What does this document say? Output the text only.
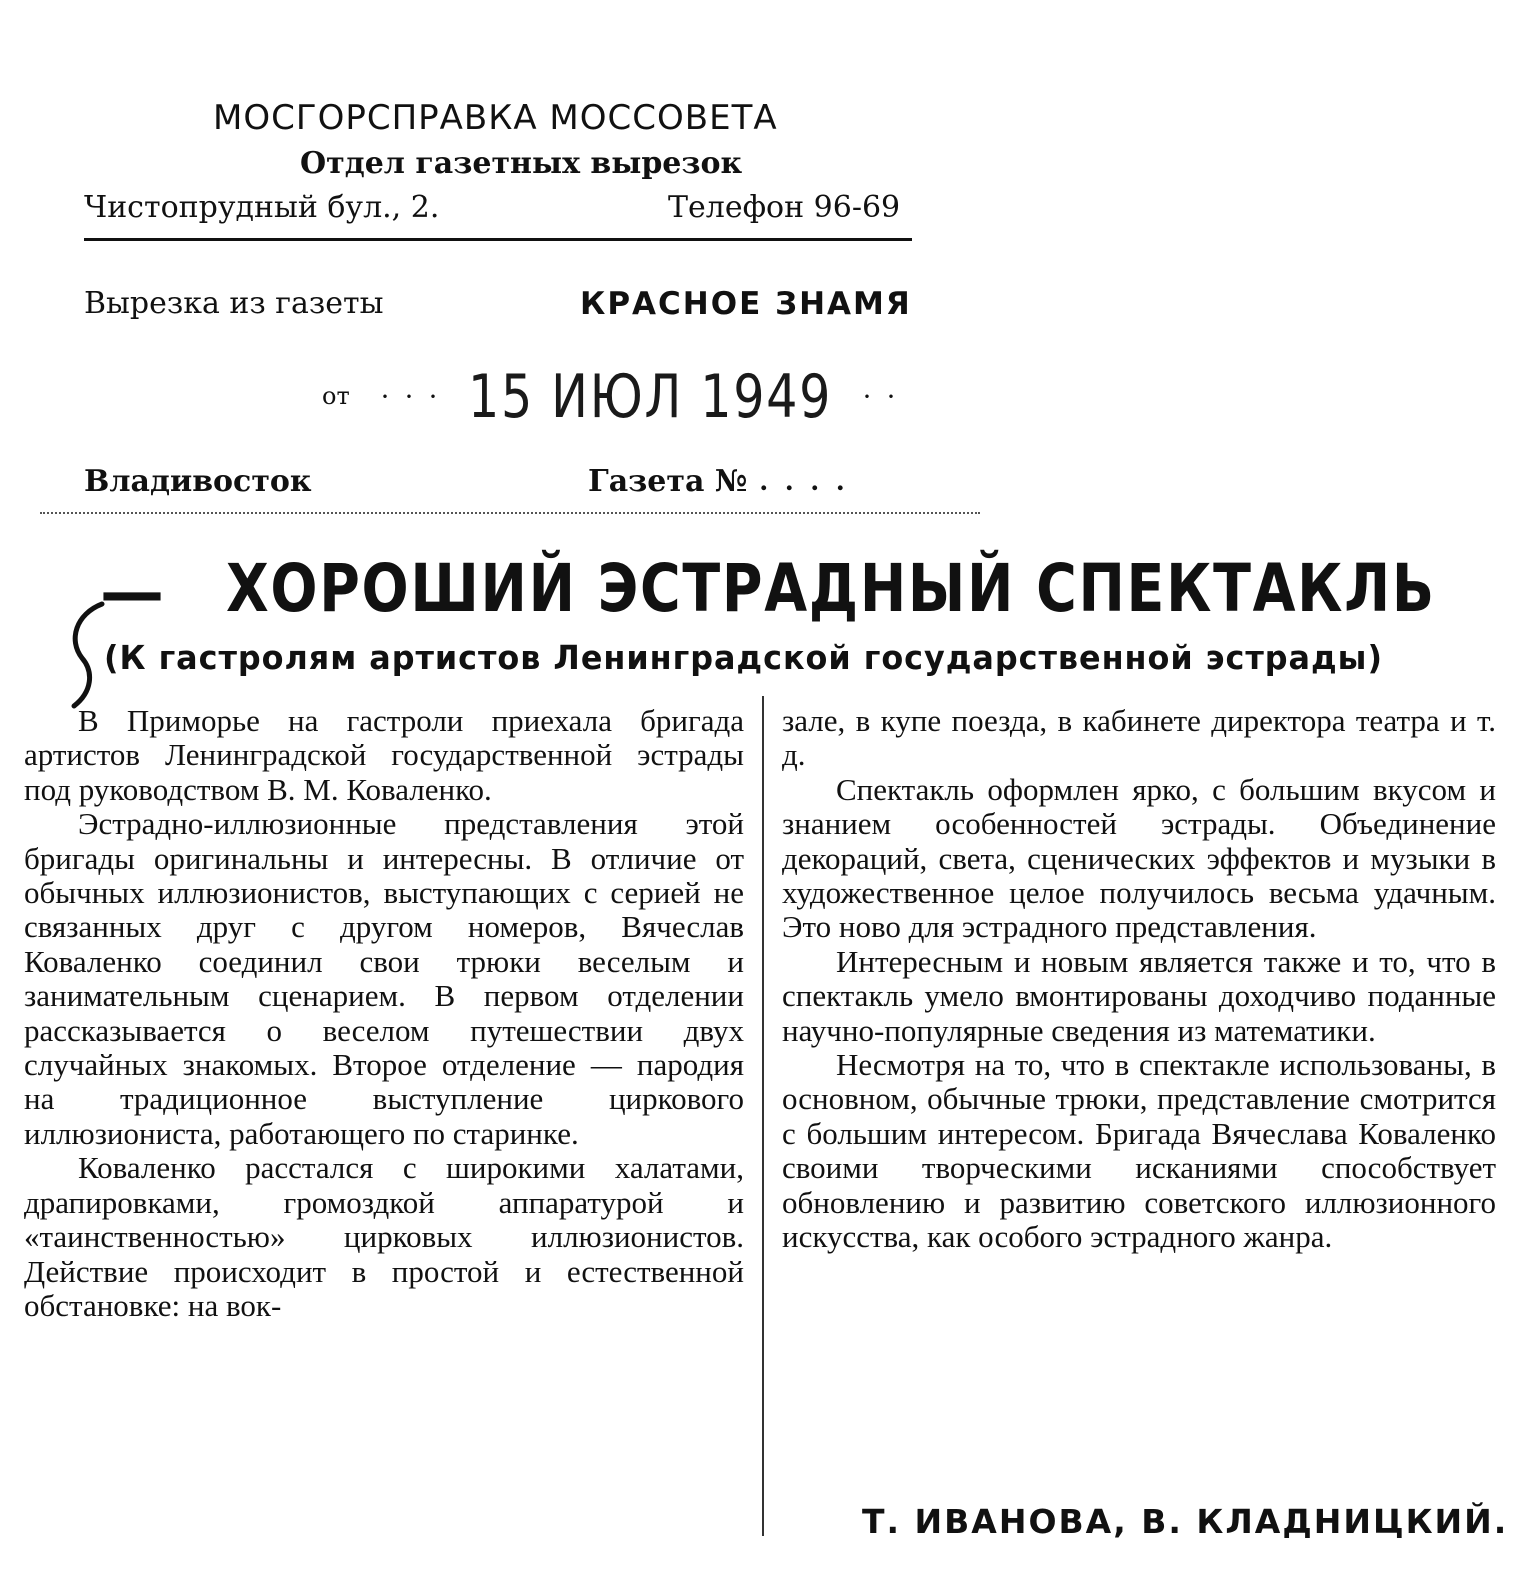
МОСГОРСПРАВКА МОССОВЕТА
Отдел газетных вырезок
Чистопрудный бул., 2.	Телефон 96-69
Вырезка из газеты	КРАСНОЕ ЗНАМЯ
от ··· 15 ИЮЛ 1949 ··
Владивосток	Газета № ....
— ХОРОШИЙ ЭСТРАДНЫЙ СПЕКТАКЛЬ
(К гастролям артистов Ленинградской государственной эстрады)

В Приморье на гастроли приехала бригада артистов Ленинградской государственной эстрады под руководством В. М. Коваленко.

Эстрадно-иллюзионные представления этой бригады оригинальны и интересны. В отличие от обычных иллюзионистов, выступающих с серией не связанных друг с другом номеров, Вячеслав Коваленко соединил свои трюки веселым и занимательным сценарием. В первом отделении рассказывается о веселом путешествии двух случайных знакомых. Второе отделение — пародия на традиционное выступление циркового иллюзиониста, работающего по старинке.

Коваленко расстался с широкими халатами, драпировками, громоздкой аппаратурой и «таинственностью» цирковых иллюзионистов. Действие происходит в простой и естественной обстановке: на вок-

зале, в купе поезда, в кабинете директора театра и т. д.

Спектакль оформлен ярко, с большим вкусом и знанием особенностей эстрады. Объединение декораций, света, сценических эффектов и музыки в художественное целое получилось весьма удачным. Это ново для эстрадного представления.

Интересным и новым является также и то, что в спектакль умело вмонтированы доходчиво поданные научно-популярные сведения из математики.

Несмотря на то, что в спектакле использованы, в основном, обычные трюки, представление смотрится с большим интересом. Бригада Вячеслава Коваленко своими творческими исканиями способствует обновлению и развитию советского иллюзионного искусства, как особого эстрадного жанра.

Т. ИВАНОВА, В. КЛАДНИЦКИЙ.
